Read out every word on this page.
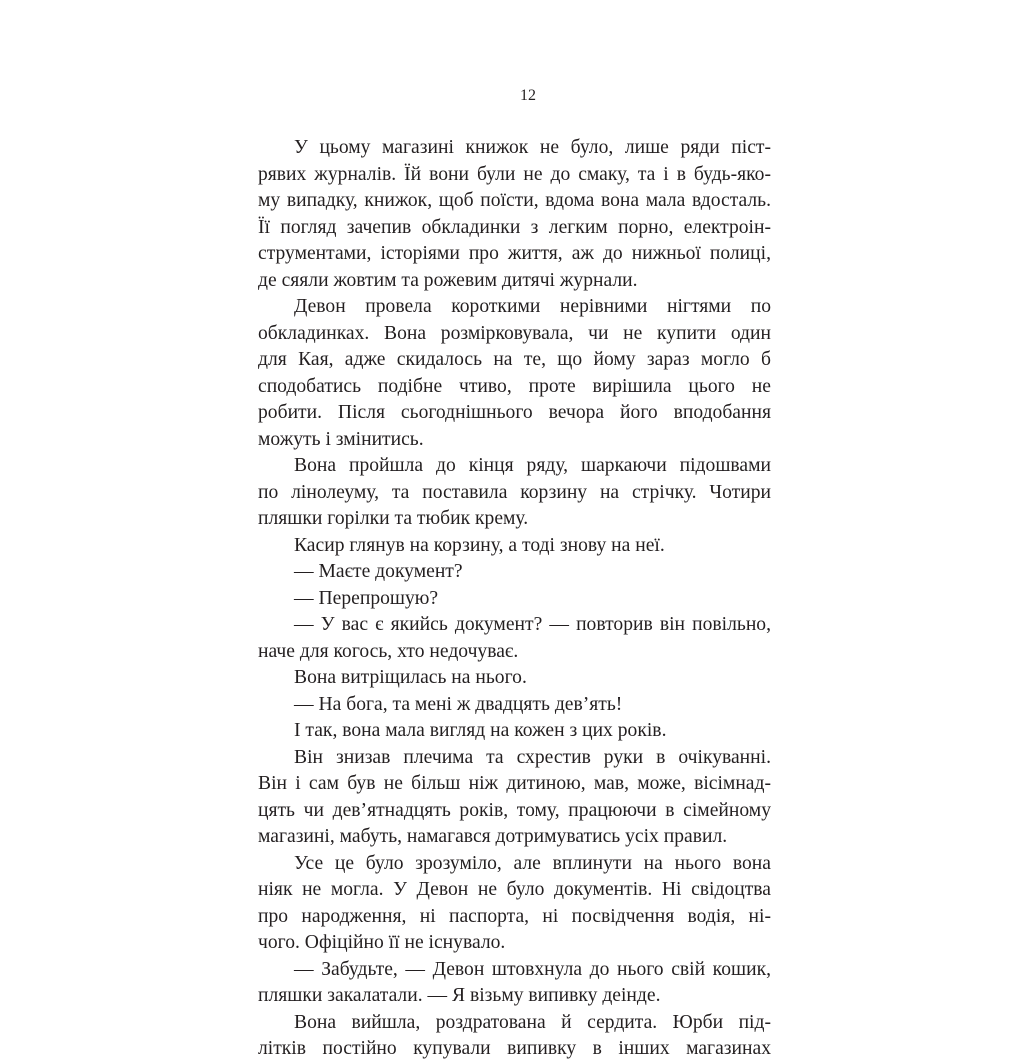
12
У цьому магазині книжок не було, лише ряди піст-
рявих журналів. Їй вони були не до смаку, та і в будь-яко-
му випадку, книжок, щоб поїсти, вдома вона мала вдосталь.
Її погляд зачепив обкладинки з легким порно, електроін-
струментами, історіями про життя, аж до нижньої полиці,
де сяяли жовтим та рожевим дитячі журнали.
Девон провела короткими нерівними нігтями по
обкладинках. Вона розмірковувала, чи не купити один
для Кая, адже скидалось на те, що йому зараз могло б
сподобатись подібне чтиво, проте вирішила цього не
робити. Після сьогоднішнього вечора його вподобання
можуть і змінитись.
Вона пройшла до кінця ряду, шаркаючи підошвами
по лінолеуму, та поставила корзину на стрічку. Чотири
пляшки горілки та тюбик крему.
Касир глянув на корзину, а тоді знову на неї.
— Маєте документ?
— Перепрошую?
— У вас є якийсь документ? — повторив він повільно,
наче для когось, хто недочуває.
Вона витріщилась на нього.
— На бога, та мені ж двадцять дев’ять!
І так, вона мала вигляд на кожен з цих років.
Він знизав плечима та схрестив руки в очікуванні.
Він і сам був не більш ніж дитиною, мав, може, вісімнад-
цять чи дев’ятнадцять років, тому, працюючи в сімейному
магазині, мабуть, намагався дотримуватись усіх правил.
Усе це було зрозуміло, але вплинути на нього вона
ніяк не могла. У Девон не було документів. Ні свідоцтва
про народження, ні паспорта, ні посвідчення водія, ні-
чого. Офіційно її не існувало.
— Забудьте, — Девон штовхнула до нього свій кошик,
пляшки закалатали. — Я візьму випивку деінде.
Вона вийшла, роздратована й сердита. Юрби під-
літків постійно купували випивку в інших магазинах
